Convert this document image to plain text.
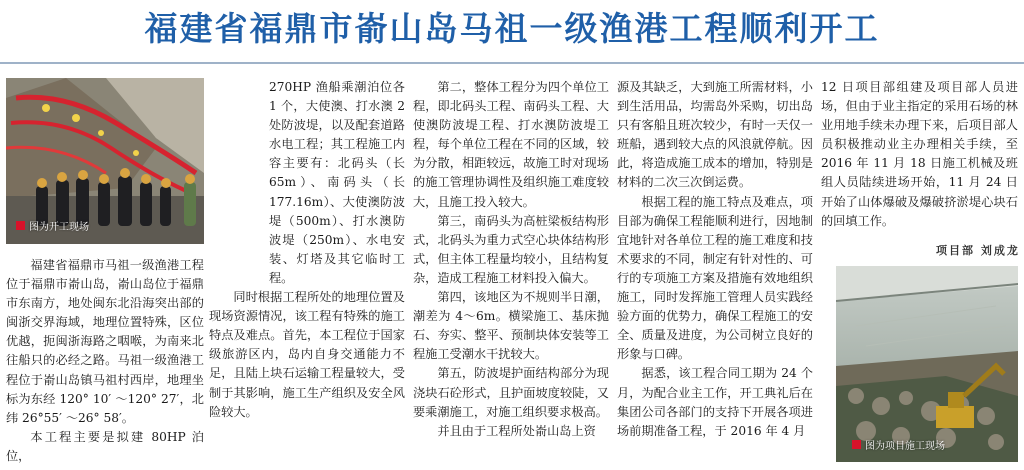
福建省福鼎市嵛山岛马祖一级渔港工程顺利开工
图为开工现场

福建省福鼎市马祖一级渔港工程位于福鼎市嵛山岛，嵛山岛位于福鼎市东南方，地处闽东北沿海突出部的闽浙交界海域，地理位置特殊，区位优越，扼闽浙海路之咽喉，为南来北往船只的必经之路。马祖一级渔港工程位于嵛山岛镇马祖村西岸，地理坐标为东经 120° 10′ ～120° 27′，北纬 26°55′ ～26° 58′。

本工程主要是拟建 80HP 泊位，

270HP 渔船乘潮泊位各 1 个，大使澳、打水澳 2 处防波堤，以及配套道路水电工程；其工程施工内容主要有：北码头（长 65m）、南码头（长 177.16m）、大使澳防波堤（500m）、打水澳防波堤（250m）、水电安装、灯塔及其它临时工程。

同时根据工程所处的地理位置及现场资源情况，该工程有特殊的施工特点及难点。首先，本工程位于国家级旅游区内，岛内自身交通能力不足，且陆上块石运输工程量较大，受制于其影响，施工生产组织及安全风险较大。

第二，整体工程分为四个单位工程，即北码头工程、南码头工程、大使澳防波堤工程、打水澳防波堤工程，每个单位工程在不同的区域，较为分散，相距较远，故施工时对现场的施工管理协调性及组织施工难度较大，且施工投入较大。

第三，南码头为高桩梁板结构形式，北码头为重力式空心块体结构形式，但主体工程量均较小，且结构复杂，造成工程施工材料投入偏大。

第四，该地区为不规则半日潮，潮差为 4～6m。横梁施工、基床抛石、夯实、整平、预制块体安装等工程施工受潮水干扰较大。

第五，防波堤护面结构部分为现浇块石砼形式，且护面坡度较陡，又要乘潮施工，对施工组织要求极高。

并且由于工程所处嵛山岛上资

源及其缺乏，大到施工所需材料，小到生活用品，均需岛外采购，切出岛只有客船且班次较少，有时一天仅一班船，遇到较大点的风浪就停航。因此，将造成施工成本的增加，特别是材料的二次三次倒运费。

根据工程的施工特点及难点，项目部为确保工程能顺利进行，因地制宜地针对各单位工程的施工难度和技术要求的不同，制定有针对性的、可行的专项施工方案及措施有效地组织施工，同时发挥施工管理人员实践经验方面的优势力，确保工程施工的安全、质量及进度，为公司树立良好的形象与口碑。

据悉，该工程合同工期为 24 个月，为配合业主工作，开工典礼后在集团公司各部门的支持下开展各项进场前期准备工程，于 2016 年 4 月

12 日项目部组建及项目部人员进场，但由于业主指定的采用石场的林业用地手续未办理下来，后项目部人员积极推动业主办理相关手续，至 2016 年 11 月 18 日施工机械及班组人员陆续进场开始，11 月 24 日开始了山体爆破及爆破挤淤堤心块石的回填工作。

项目部 刘成龙
图为项目施工现场
